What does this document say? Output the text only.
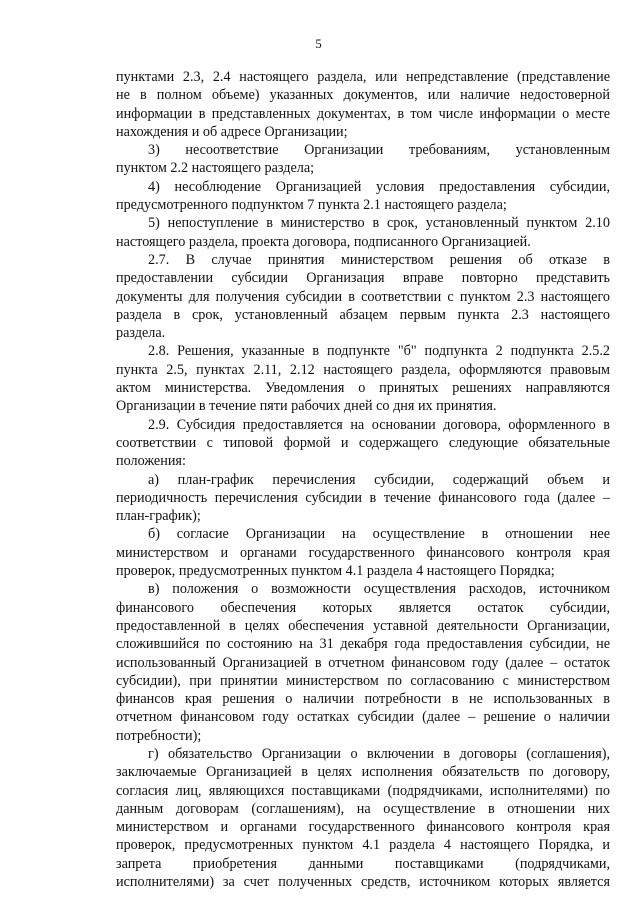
5

пунктами 2.3, 2.4 настоящего раздела, или непредставление (представление

не в полном объеме) указанных документов, или наличие недостоверной

информации в представленных документах, в том числе информации о месте

нахождения и об адресе Организации;

3) несоответствие Организации требованиям, установленным

пунктом 2.2 настоящего раздела;

4) несоблюдение Организацией условия предоставления субсидии,

предусмотренного подпунктом 7 пункта 2.1 настоящего раздела;

5) непоступление в министерство в срок, установленный пунктом 2.10

настоящего раздела, проекта договора, подписанного Организацией.

2.7. В случае принятия министерством решения об отказе в

предоставлении субсидии Организация вправе повторно представить

документы для получения субсидии в соответствии с пунктом 2.3 настоящего

раздела в срок, установленный абзацем первым пункта 2.3 настоящего

раздела.

2.8. Решения, указанные в подпункте "б" подпункта 2 подпункта 2.5.2

пункта 2.5, пунктах 2.11, 2.12 настоящего раздела, оформляются правовым

актом министерства. Уведомления о принятых решениях направляются

Организации в течение пяти рабочих дней со дня их принятия.

2.9. Субсидия предоставляется на основании договора, оформленного в

соответствии с типовой формой и содержащего следующие обязательные

положения:

а) план-график перечисления субсидии, содержащий объем и

периодичность перечисления субсидии в течение финансового года (далее –

план-график);

б) согласие Организации на осуществление в отношении нее

министерством и органами государственного финансового контроля края

проверок, предусмотренных пунктом 4.1 раздела 4 настоящего Порядка;

в) положения о возможности осуществления расходов, источником

финансового обеспечения которых является остаток субсидии,

предоставленной в целях обеспечения уставной деятельности Организации,

сложившийся по состоянию на 31 декабря года предоставления субсидии, не

использованный Организацией в отчетном финансовом году (далее – остаток

субсидии), при принятии министерством по согласованию с министерством

финансов края решения о наличии потребности в не использованных в

отчетном финансовом году остатках субсидии (далее – решение о наличии

потребности);

г) обязательство Организации о включении в договоры (соглашения),

заключаемые Организацией в целях исполнения обязательств по договору,

согласия лиц, являющихся поставщиками (подрядчиками, исполнителями) по

данным договорам (соглашениям), на осуществление в отношении них

министерством и органами государственного финансового контроля края

проверок, предусмотренных пунктом 4.1 раздела 4 настоящего Порядка, и

запрета приобретения данными поставщиками (подрядчиками,

исполнителями) за счет полученных средств, источником которых является
